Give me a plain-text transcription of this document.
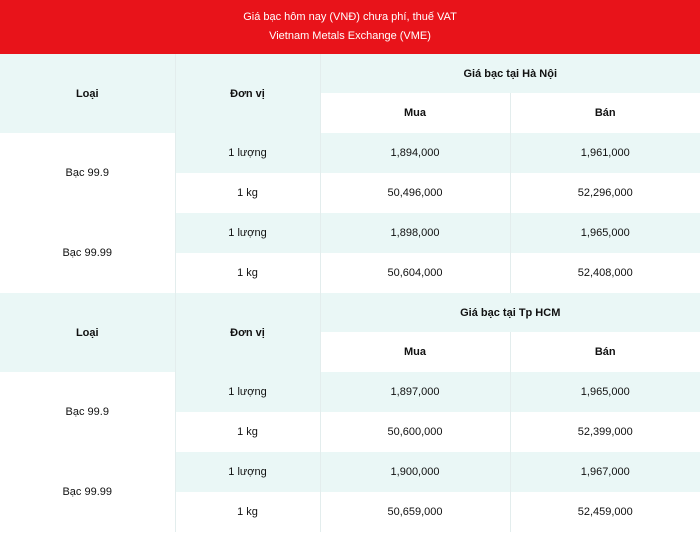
Giá bạc hôm nay (VNĐ) chưa phí, thuế VAT
Vietnam Metals Exchange (VME)
Loại	Đơn vị	Giá bạc tại Hà Nội	
		Mua	Bán
Bạc 99.9	1 lượng	1,894,000	1,961,000
	1 kg	50,496,000	52,296,000
Bạc 99.99	1 lượng	1,898,000	1,965,000
	1 kg	50,604,000	52,408,000
Loại	Đơn vị	Giá bạc tại Tp HCM	
		Mua	Bán
Bạc 99.9	1 lượng	1,897,000	1,965,000
	1 kg	50,600,000	52,399,000
Bạc 99.99	1 lượng	1,900,000	1,967,000
	1 kg	50,659,000	52,459,000
